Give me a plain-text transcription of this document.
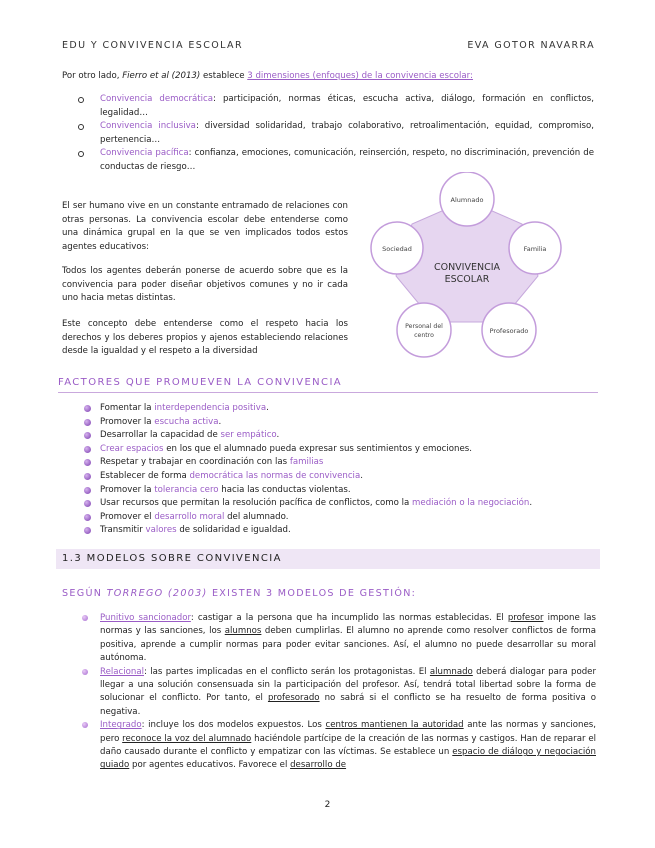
EDU Y CONVIVENCIA ESCOLAR	EVA GOTOR NAVARRA
Por otro lado, Fierro et al (2013) establece 3 dimensiones (enfoques) de la convivencia escolar:
Convivencia democrática: participación, normas éticas, escucha activa, diálogo, formación en conflictos, legalidad…
Convivencia inclusiva: diversidad solidaridad, trabajo colaborativo, retroalimentación, equidad, compromiso, pertenencia…
Convivencia pacífica: confianza, emociones, comunicación, reinserción, respeto, no discriminación, prevención de conductas de riesgo…
El ser humano vive en un constante entramado de relaciones con otras personas. La convivencia escolar debe entenderse como una dinámica grupal en la que se ven implicados todos estos agentes educativos:
Todos los agentes deberán ponerse de acuerdo sobre que es la convivencia para poder diseñar objetivos comunes y no ir cada uno hacia metas distintas.
Este concepto debe entenderse como el respeto hacia los derechos y los deberes propios y ajenos estableciendo relaciones desde la igualdad y el respeto a la diversidad
CONVIVENCIA
ESCOLAR
Alumnado
Familia
Profesorado
Personal del
centro
Sociedad
FACTORES QUE PROMUEVEN LA CONVIVENCIA
Fomentar la interdependencia positiva.
Promover la escucha activa.
Desarrollar la capacidad de ser empático.
Crear espacios en los que el alumnado pueda expresar sus sentimientos y emociones.
Respetar y trabajar en coordinación con las familias
Establecer de forma democrática las normas de convivencia.
Promover la tolerancia cero hacia las conductas violentas.
Usar recursos que permitan la resolución pacífica de conflictos, como la mediación o la negociación.
Promover el desarrollo moral del alumnado.
Transmitir valores de solidaridad e igualdad.
1.3 MODELOS SOBRE CONVIVENCIA
SEGÚN TORREGO (2003) EXISTEN 3 MODELOS DE GESTIÓN:
Punitivo sancionador: castigar a la persona que ha incumplido las normas establecidas. El profesor impone las normas y las sanciones, los alumnos deben cumplirlas. El alumno no aprende como resolver conflictos de forma positiva, aprende a cumplir normas para poder evitar sanciones. Así, el alumno no puede desarrollar su moral autónoma.
Relacional: las partes implicadas en el conflicto serán los protagonistas. El alumnado deberá dialogar para poder llegar a una solución consensuada sin la participación del profesor. Así, tendrá total libertad sobre la forma de solucionar el conflicto. Por tanto, el profesorado no sabrá si el conflicto se ha resuelto de forma positiva o negativa.
Integrado: incluye los dos modelos expuestos. Los centros mantienen la autoridad ante las normas y sanciones, pero reconoce la voz del alumnado haciéndole partícipe de la creación de las normas y castigos. Han de reparar el daño causado durante el conflicto y empatizar con las víctimas. Se establece un espacio de diálogo y negociación guiado por agentes educativos. Favorece el desarrollo de
2
